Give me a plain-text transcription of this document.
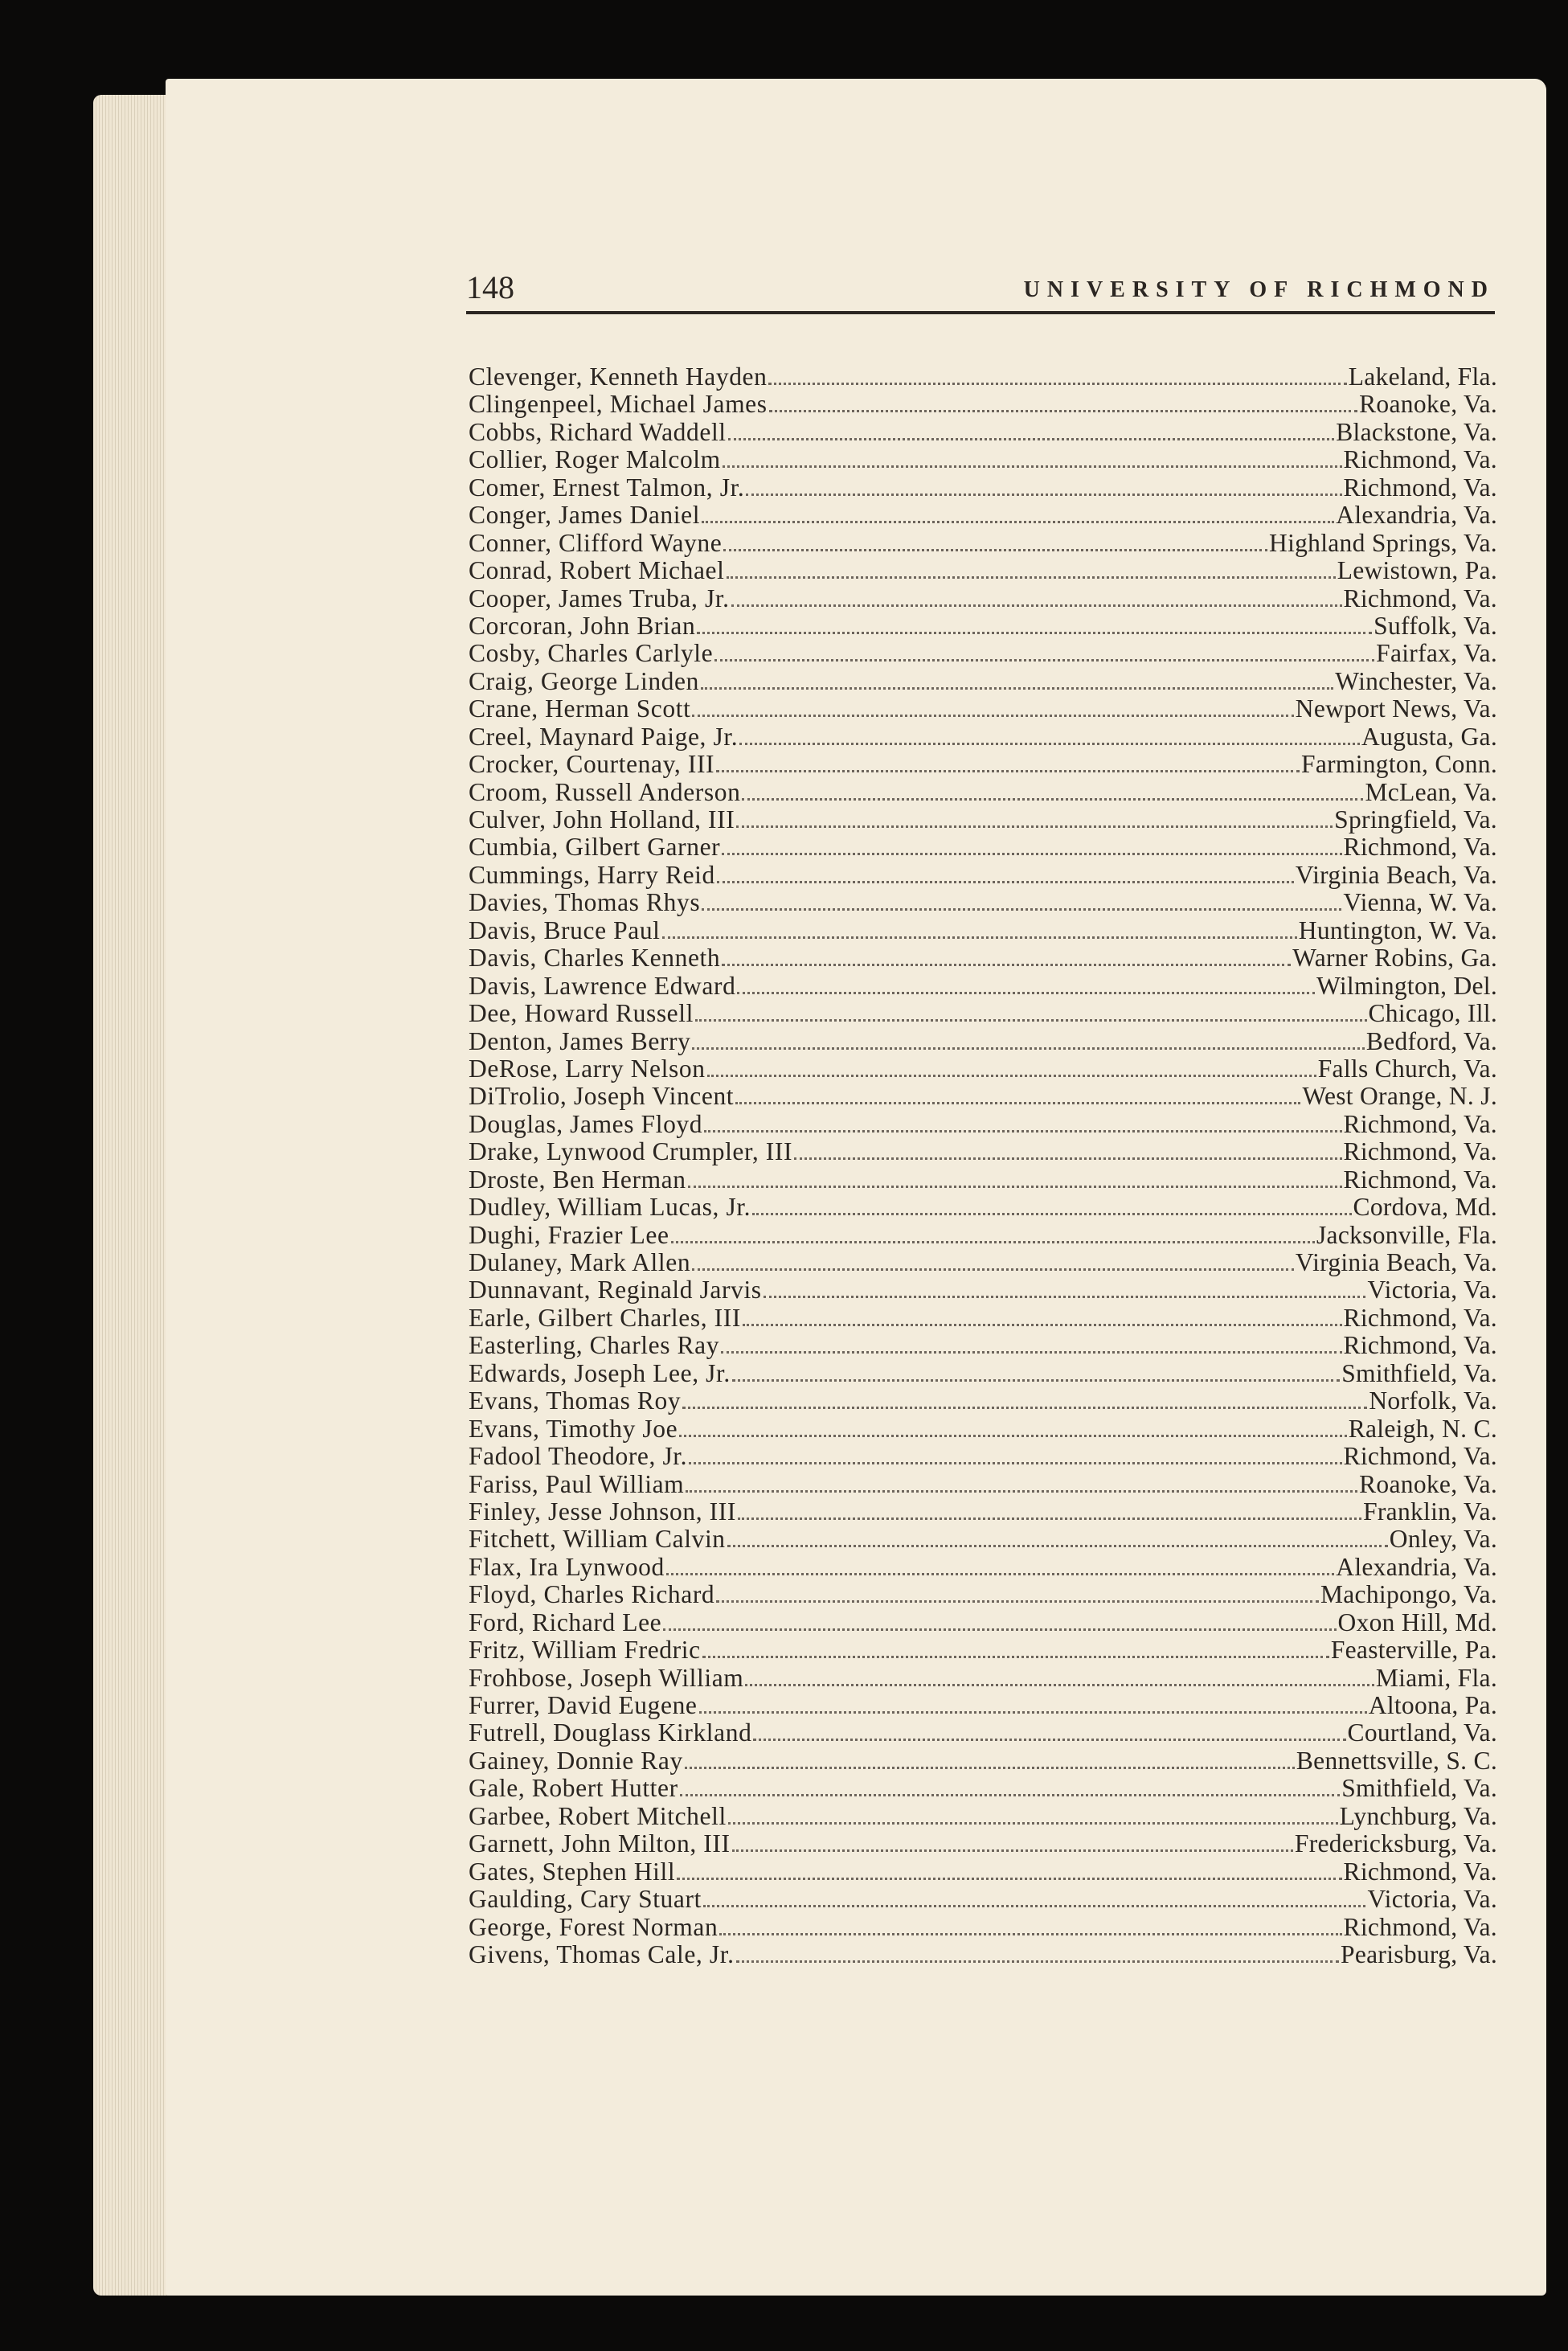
148	UNIVERSITY OF RICHMOND
Clevenger, Kenneth Hayden	Lakeland, Fla.
Clingenpeel, Michael James	Roanoke, Va.
Cobbs, Richard Waddell	Blackstone, Va.
Collier, Roger Malcolm	Richmond, Va.
Comer, Ernest Talmon, Jr.	Richmond, Va.
Conger, James Daniel	Alexandria, Va.
Conner, Clifford Wayne	Highland Springs, Va.
Conrad, Robert Michael	Lewistown, Pa.
Cooper, James Truba, Jr.	Richmond, Va.
Corcoran, John Brian	Suffolk, Va.
Cosby, Charles Carlyle	Fairfax, Va.
Craig, George Linden	Winchester, Va.
Crane, Herman Scott	Newport News, Va.
Creel, Maynard Paige, Jr.	Augusta, Ga.
Crocker, Courtenay, III	Farmington, Conn.
Croom, Russell Anderson	McLean, Va.
Culver, John Holland, III	Springfield, Va.
Cumbia, Gilbert Garner	Richmond, Va.
Cummings, Harry Reid	Virginia Beach, Va.
Davies, Thomas Rhys	Vienna, W. Va.
Davis, Bruce Paul	Huntington, W. Va.
Davis, Charles Kenneth	Warner Robins, Ga.
Davis, Lawrence Edward	Wilmington, Del.
Dee, Howard Russell	Chicago, Ill.
Denton, James Berry	Bedford, Va.
DeRose, Larry Nelson	Falls Church, Va.
DiTrolio, Joseph Vincent	West Orange, N. J.
Douglas, James Floyd	Richmond, Va.
Drake, Lynwood Crumpler, III	Richmond, Va.
Droste, Ben Herman	Richmond, Va.
Dudley, William Lucas, Jr.	Cordova, Md.
Dughi, Frazier Lee	Jacksonville, Fla.
Dulaney, Mark Allen	Virginia Beach, Va.
Dunnavant, Reginald Jarvis	Victoria, Va.
Earle, Gilbert Charles, III	Richmond, Va.
Easterling, Charles Ray	Richmond, Va.
Edwards, Joseph Lee, Jr.	Smithfield, Va.
Evans, Thomas Roy	Norfolk, Va.
Evans, Timothy Joe	Raleigh, N. C.
Fadool Theodore, Jr.	Richmond, Va.
Fariss, Paul William	Roanoke, Va.
Finley, Jesse Johnson, III	Franklin, Va.
Fitchett, William Calvin	Onley, Va.
Flax, Ira Lynwood	Alexandria, Va.
Floyd, Charles Richard	Machipongo, Va.
Ford, Richard Lee	Oxon Hill, Md.
Fritz, William Fredric	Feasterville, Pa.
Frohbose, Joseph William	Miami, Fla.
Furrer, David Eugene	Altoona, Pa.
Futrell, Douglass Kirkland	Courtland, Va.
Gainey, Donnie Ray	Bennettsville, S. C.
Gale, Robert Hutter	Smithfield, Va.
Garbee, Robert Mitchell	Lynchburg, Va.
Garnett, John Milton, III	Fredericksburg, Va.
Gates, Stephen Hill	Richmond, Va.
Gaulding, Cary Stuart	Victoria, Va.
George, Forest Norman	Richmond, Va.
Givens, Thomas Cale, Jr.	Pearisburg, Va.
